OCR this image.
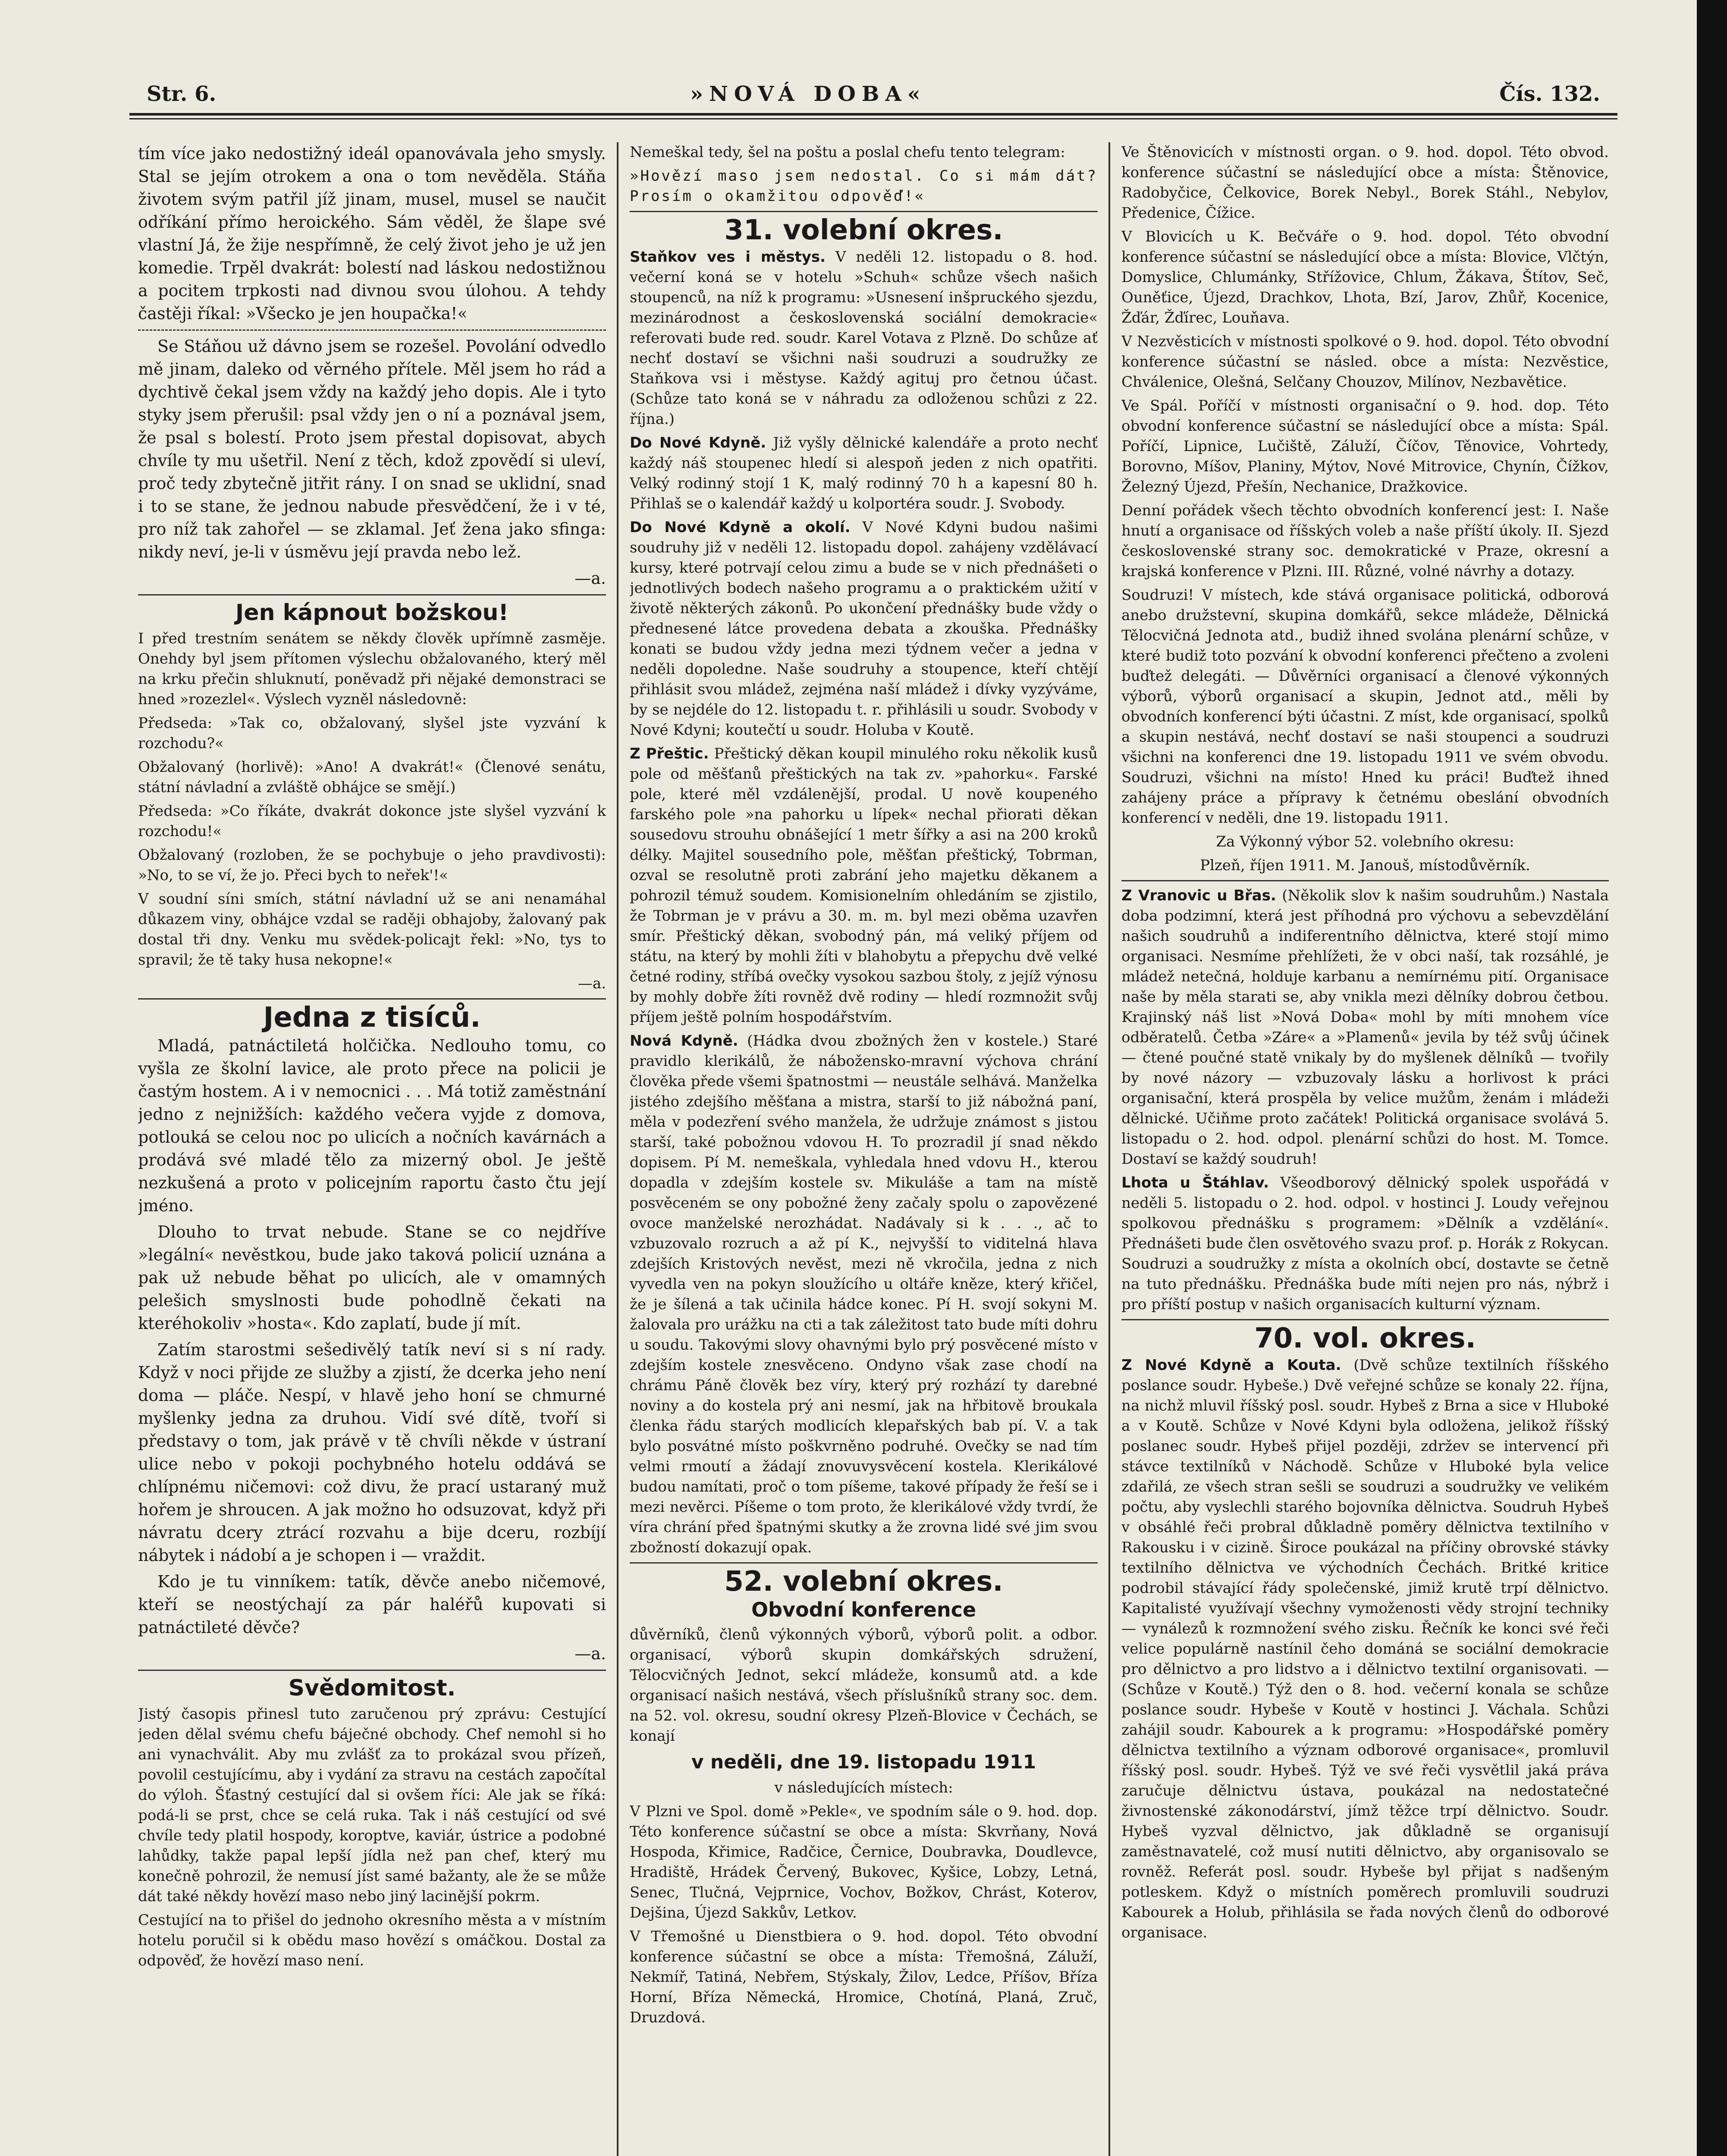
Str. 6.	»NOVÁ DOBA«	Čís. 132.

tím více jako nedostižný ideál opanovávala jeho smysly. Stal se jejím otrokem a ona o tom nevěděla. Stáňa životem svým patřil jíž jinam, musel, musel se naučit odříkání přímo heroického. Sám věděl, že šlape své vlastní Já, že žije nespřímně, že celý život jeho je už jen komedie. Trpěl dvakrát: bolestí nad láskou nedostižnou a pocitem trpkosti nad divnou svou úlohou. A tehdy častěji říkal: »Všecko je jen houpačka!«

Se Stáňou už dávno jsem se rozešel. Povolání odvedlo mě jinam, daleko od věrného přítele. Měl jsem ho rád a dychtivě čekal jsem vždy na každý jeho dopis. Ale i tyto styky jsem přerušil: psal vždy jen o ní a poznával jsem, že psal s bolestí. Proto jsem přestal dopisovat, abych chvíle ty mu ušetřil. Není z těch, kdož zpovědí si uleví, proč tedy zbytečně jitřit rány. I on snad se uklidní, snad i to se stane, že jednou nabude přesvědčení, že i v té, pro níž tak zahořel — se zklamal. Jeť žena jako sfinga: nikdy neví, je-li v úsměvu její pravda nebo lež.

—a.

Jen kápnout božskou!

I před trestním senátem se někdy člověk upřímně zasměje. Onehdy byl jsem přítomen výslechu obžalovaného, který měl na krku přečin shluknutí, poněvadž při nějaké demonstraci se hned »rozezlel«. Výslech vyzněl následovně:

Předseda: »Tak co, obžalovaný, slyšel jste vyzvání k rozchodu?«

Obžalovaný (horlivě): »Ano! A dvakrát!« (Členové senátu, státní návladní a zvláště obhájce se smějí.)

Předseda: »Co říkáte, dvakrát dokonce jste slyšel vyzvání k rozchodu!«

Obžalovaný (rozloben, že se pochybuje o jeho pravdivosti): »No, to se ví, že jo. Přeci bych to neřek'!«

V soudní síni smích, státní návladní už se ani nenamáhal důkazem viny, obhájce vzdal se raději obhajoby, žalovaný pak dostal tři dny. Venku mu svědek-policajt řekl: »No, tys to spravil; že tě taky husa nekopne!«

—a.

Jedna z tisíců.

Mladá, patnáctiletá holčička. Nedlouho tomu, co vyšla ze školní lavice, ale proto přece na policii je častým hostem. A i v nemocnici . . . Má totiž zaměstnání jedno z nejnižších: každého večera vyjde z domova, potlouká se celou noc po ulicích a nočních kavárnách a prodává své mladé tělo za mizerný obol. Je ještě nezkušená a proto v policejním raportu často čtu její jméno.

Dlouho to trvat nebude. Stane se co nejdříve »legální« nevěstkou, bude jako taková policií uznána a pak už nebude běhat po ulicích, ale v omamných pelešich smyslnosti bude pohodlně čekati na kteréhokoliv »hosta«. Kdo zaplatí, bude jí mít.

Zatím starostmi sešedivělý tatík neví si s ní rady. Když v noci přijde ze služby a zjistí, že dcerka jeho není doma — pláče. Nespí, v hlavě jeho honí se chmurné myšlenky jedna za druhou. Vidí své dítě, tvoří si představy o tom, jak právě v tě chvíli někde v ústraní ulice nebo v pokoji pochybného hotelu oddává se chlípnému ničemovi: což divu, že prací ustaraný muž hořem je shroucen. A jak možno ho odsuzovat, když při návratu dcery ztrácí rozvahu a bije dceru, rozbíjí nábytek i nádobí a je schopen i — vraždit.

Kdo je tu vinníkem: tatík, děvče anebo ničemové, kteří se neostýchají za pár haléřů kupovati si patnáctileté děvče?

—a.

Svědomitost.

Jistý časopis přinesl tuto zaručenou prý zprávu: Cestující jeden dělal svému chefu báječné obchody. Chef nemohl si ho ani vynachválit. Aby mu zvlášť za to prokázal svou přízeň, povolil cestujícímu, aby i vydání za stravu na cestách započítal do výloh. Šťastný cestující dal si ovšem říci: Ale jak se říká: podá-li se prst, chce se celá ruka. Tak i náš cestující od své chvíle tedy platil hospody, koroptve, kaviár, ústrice a podobné lahůdky, takže papal lepší jídla než pan chef, který mu konečně pohrozil, že nemusí jíst samé bažanty, ale že se může dát také někdy hovězí maso nebo jiný lacinější pokrm.

Cestující na to přišel do jednoho okresního města a v místním hotelu poručil si k obědu maso hovězí s omáčkou. Dostal za odpověď, že hovězí maso není.

Nemeškal tedy, šel na poštu a poslal chefu tento telegram:

»Hovězí maso jsem nedostal. Co si mám dát? Prosím o okamžitou odpověď!«

31. volební okres.

Staňkov ves i městys. V neděli 12. listopadu o 8. hod. večerní koná se v hotelu »Schuh« schůze všech našich stoupenců, na níž k programu: »Usnesení inšpruckého sjezdu, mezinárodnost a československá sociální demokracie« referovati bude red. soudr. Karel Votava z Plzně. Do schůze ať nechť dostaví se všichni naši soudruzi a soudružky ze Staňkova vsi i městyse. Každý agituj pro četnou účast. (Schůze tato koná se v náhradu za odloženou schůzi z 22. října.)

Do Nové Kdyně. Již vyšly dělnické kalendáře a proto nechť každý náš stoupenec hledí si alespoň jeden z nich opatřiti. Velký rodinný stojí 1 K, malý rodinný 70 h a kapesní 80 h. Přihlaš se o kalendář každý u kolportéra soudr. J. Svobody.

Do Nové Kdyně a okolí. V Nové Kdyni budou našimi soudruhy již v neděli 12. listopadu dopol. zahájeny vzdělávací kursy, které potrvají celou zimu a bude se v nich přednášeti o jednotlivých bodech našeho programu a o praktickém užití v životě některých zákonů. Po ukončení přednášky bude vždy o přednesené látce provedena debata a zkouška. Přednášky konati se budou vždy jedna mezi týdnem večer a jedna v neděli dopoledne. Naše soudruhy a stoupence, kteří chtějí přihlásit svou mládež, zejména naší mládež i dívky vyzýváme, by se nejdéle do 12. listopadu t. r. přihlásili u soudr. Svobody v Nové Kdyni; koutečtí u soudr. Holuba v Koutě.

Z Přeštic. Přeštický děkan koupil minulého roku několik kusů pole od měšťanů přeštických na tak zv. »pahorku«. Farské pole, které měl vzdálenější, prodal. U nově koupeného farského pole »na pahorku u lípek« nechal přiorati děkan sousedovu strouhu obnášející 1 metr šířky a asi na 200 kroků délky. Majitel sousedního pole, měšťan přeštický, Tobrman, ozval se resolutně proti zabrání jeho majetku děkanem a pohrozil témuž soudem. Komisionelním ohledáním se zjistilo, že Tobrman je v právu a 30. m. m. byl mezi oběma uzavřen smír. Přeštický děkan, svobodný pán, má veliký příjem od státu, na který by mohli žíti v blahobytu a přepychu dvě velké četné rodiny, stříbá ovečky vysokou sazbou štoly, z jejíž výnosu by mohly dobře žíti rovněž dvě rodiny — hledí rozmnožit svůj příjem ještě polním hospodářstvím.

Nová Kdyně. (Hádka dvou zbožných žen v kostele.) Staré pravidlo klerikálů, že nábožensko-mravní výchova chrání člověka přede všemi špatnostmi — neustále selhává. Manželka jistého zdejšího měšťana a mistra, starší to již nábožná paní, měla v podezření svého manžela, že udržuje známost s jistou starší, také pobožnou vdovou H. To prozradil jí snad někdo dopisem. Pí M. nemeškala, vyhledala hned vdovu H., kterou dopadla v zdejším kostele sv. Mikuláše a tam na místě posvěceném se ony pobožné ženy začaly spolu o zapovězené ovoce manželské nerozhádat. Nadávaly si k . . ., ač to vzbuzovalo rozruch a až pí K., nejvyšší to viditelná hlava zdejších Kristových nevěst, mezi ně vkročila, jedna z nich vyvedla ven na pokyn sloužícího u oltáře kněze, který křičel, že je šílená a tak učinila hádce konec. Pí H. svojí sokyni M. žalovala pro urážku na cti a tak záležitost tato bude míti dohru u soudu. Takovými slovy ohavnými bylo prý posvěcené místo v zdejším kostele znesvěceno. Ondyno však zase chodí na chrámu Páně člověk bez víry, který prý rozhází ty darebné noviny a do kostela prý ani nesmí, jak na hřbitově broukala členka řádu starých modlicích klepařských bab pí. V. a tak bylo posvátné místo poškvrněno podruhé. Ovečky se nad tím velmi rmoutí a žádají znovuvysvěcení kostela. Klerikálové budou namítati, proč o tom píšeme, takové případy že řeší se i mezi nevěrci. Píšeme o tom proto, že klerikálové vždy tvrdí, že víra chrání před špatnými skutky a že zrovna lidé své jim svou zbožností dokazují opak.

52. volební okres.
Obvodní konference

důvěrníků, členů výkonných výborů, výborů polit. a odbor. organisací, výborů skupin domkářských sdružení, Tělocvičných Jednot, sekcí mládeže, konsumů atd. a kde organisací našich nestává, všech příslušníků strany soc. dem. na 52. vol. okresu, soudní okresy Plzeň-Blovice v Čechách, se konají

v neděli, dne 19. listopadu 1911

v následujících místech:

V Plzni ve Spol. domě »Pekle«, ve spodním sále o 9. hod. dop. Této konference súčastní se obce a místa: Skvrňany, Nová Hospoda, Křimice, Radčice, Černice, Doubravka, Doudlevce, Hradiště, Hrádek Červený, Bukovec, Kyšice, Lobzy, Letná, Senec, Tlučná, Vejprnice, Vochov, Božkov, Chrást, Koterov, Dejšina, Újezd Sakkův, Letkov.

V Třemošné u Dienstbiera o 9. hod. dopol. Této obvodní konference súčastní se obce a místa: Třemošná, Záluží, Nekmíř, Tatiná, Nebřem, Stýskaly, Žilov, Ledce, Příšov, Bříza Horní, Bříza Německá, Hromice, Chotíná, Planá, Zruč, Druzdová.

Ve Štěnovicích v místnosti organ. o 9. hod. dopol. Této obvod. konference súčastní se následující obce a místa: Štěnovice, Radobyčice, Čelkovice, Borek Nebyl., Borek Stáhl., Nebylov, Předenice, Čížice.

V Blovicích u K. Bečváře o 9. hod. dopol. Této obvodní konference súčastní se následující obce a místa: Blovice, Vlčtýn, Domyslice, Chlumánky, Střížovice, Chlum, Žákava, Štítov, Seč, Ouněťice, Újezd, Drachkov, Lhota, Bzí, Jarov, Zhůř, Kocenice, Žďár, Žďírec, Louňava.

V Nezvěsticích v místnosti spolkové o 9. hod. dopol. Této obvodní konference súčastní se násled. obce a místa: Nezvěstice, Chválenice, Olešná, Selčany Chouzov, Milínov, Nezbavětice.

Ve Spál. Poříčí v místnosti organisační o 9. hod. dop. Této obvodní konference súčastní se následující obce a místa: Spál. Poříčí, Lipnice, Lučiště, Záluží, Číčov, Těnovice, Vohrtedy, Borovno, Míšov, Planiny, Mýtov, Nové Mitrovice, Chynín, Čížkov, Železný Újezd, Přešín, Nechanice, Dražkovice.

Denní pořádek všech těchto obvodních konferencí jest: I. Naše hnutí a organisace od říšských voleb a naše příští úkoly. II. Sjezd československé strany soc. demokratické v Praze, okresní a krajská konference v Plzni. III. Různé, volné návrhy a dotazy.

Soudruzi! V místech, kde stává organisace politická, odborová anebo družstevní, skupina domkářů, sekce mládeže, Dělnická Tělocvičná Jednota atd., budiž ihned svolána plenární schůze, v které budiž toto pozvání k obvodní konferenci přečteno a zvoleni buďtež delegáti. — Důvěrníci organisací a členové výkonných výborů, výborů organisací a skupin, Jednot atd., měli by obvodních konferencí býti účastni. Z míst, kde organisací, spolků a skupin nestává, nechť dostaví se naši stoupenci a soudruzi všichni na konferenci dne 19. listopadu 1911 ve svém obvodu. Soudruzi, všichni na místo! Hned ku práci! Buďtež ihned zahájeny práce a přípravy k četnému obeslání obvodních konferencí v neděli, dne 19. listopadu 1911.

Za Výkonný výbor 52. volebního okresu:

Plzeň, říjen 1911. M. Janouš, místodůvěrník.

Z Vranovic u Břas. (Několik slov k našim soudruhům.) Nastala doba podzimní, která jest příhodná pro výchovu a sebevzdělání našich soudruhů a indiferentního dělnictva, které stojí mimo organisaci. Nesmíme přehlížeti, že v obci naší, tak rozsáhlé, je mládež netečná, holduje karbanu a nemírnému pití. Organisace naše by měla starati se, aby vnikla mezi dělníky dobrou četbou. Krajinský náš list »Nová Doba« mohl by míti mnohem více odběratelů. Četba »Záre« a »Plamenů« jevila by též svůj účinek — čtené poučné statě vnikaly by do myšlenek dělníků — tvořily by nové názory — vzbuzovaly lásku a horlivost k práci organisační, která prospěla by velice mužům, ženám i mládeži dělnické. Učiňme proto začátek! Politická organisace svolává 5. listopadu o 2. hod. odpol. plenární schůzi do host. M. Tomce. Dostaví se každý soudruh!

Lhota u Štáhlav. Všeodborový dělnický spolek uspořádá v neděli 5. listopadu o 2. hod. odpol. v hostinci J. Loudy veřejnou spolkovou přednášku s programem: »Dělník a vzdělání«. Přednášeti bude člen osvětového svazu prof. p. Horák z Rokycan. Soudruzi a soudružky z místa a okolních obcí, dostavte se četně na tuto přednášku. Přednáška bude míti nejen pro nás, nýbrž i pro příští postup v našich organisacích kulturní význam.

70. vol. okres.

Z Nové Kdyně a Kouta. (Dvě schůze textilních říšského poslance soudr. Hybeše.) Dvě veřejné schůze se konaly 22. října, na nichž mluvil říšský posl. soudr. Hybeš z Brna a sice v Hluboké a v Koutě. Schůze v Nové Kdyni byla odložena, jelikož říšský poslanec soudr. Hybeš přijel později, zdržev se intervencí při stávce textilníků v Náchodě. Schůze v Hluboké byla velice zdařilá, ze všech stran sešli se soudruzi a soudružky ve velikém počtu, aby vyslechli starého bojovníka dělnictva. Soudruh Hybeš v obsáhlé řeči probral důkladně poměry dělnictva textilního v Rakousku i v cizině. Široce poukázal na příčiny obrovské stávky textilního dělnictva ve východních Čechách. Britké kritice podrobil stávající řády společenské, jimiž krutě trpí dělnictvo. Kapitalisté využívají všechny vymoženosti vědy strojní techniky — vynálezů k rozmnožení svého zisku. Řečník ke konci své řeči velice populárně nastínil čeho dománá se sociální demokracie pro dělnictvo a pro lidstvo a i dělnictvo textilní organisovati. — (Schůze v Koutě.) Týž den o 8. hod. večerní konala se schůze poslance soudr. Hybeše v Koutě v hostinci J. Váchala. Schůzi zahájil soudr. Kabourek a k programu: »Hospodářské poměry dělnictva textilního a význam odborové organisace«, promluvil říšský posl. soudr. Hybeš. Týž ve své řeči vysvětlil jaká práva zaručuje dělnictvu ústava, poukázal na nedostatečné živnostenské zákonodárství, jímž těžce trpí dělnictvo. Soudr. Hybeš vyzval dělnictvo, jak důkladně se organisují zaměstnavatelé, což musí nutiti dělnictvo, aby organisovalo se rovněž. Referát posl. soudr. Hybeše byl přijat s nadšeným potleskem. Když o místních poměrech promluvili soudruzi Kabourek a Holub, přihlásila se řada nových členů do odborové organisace.
